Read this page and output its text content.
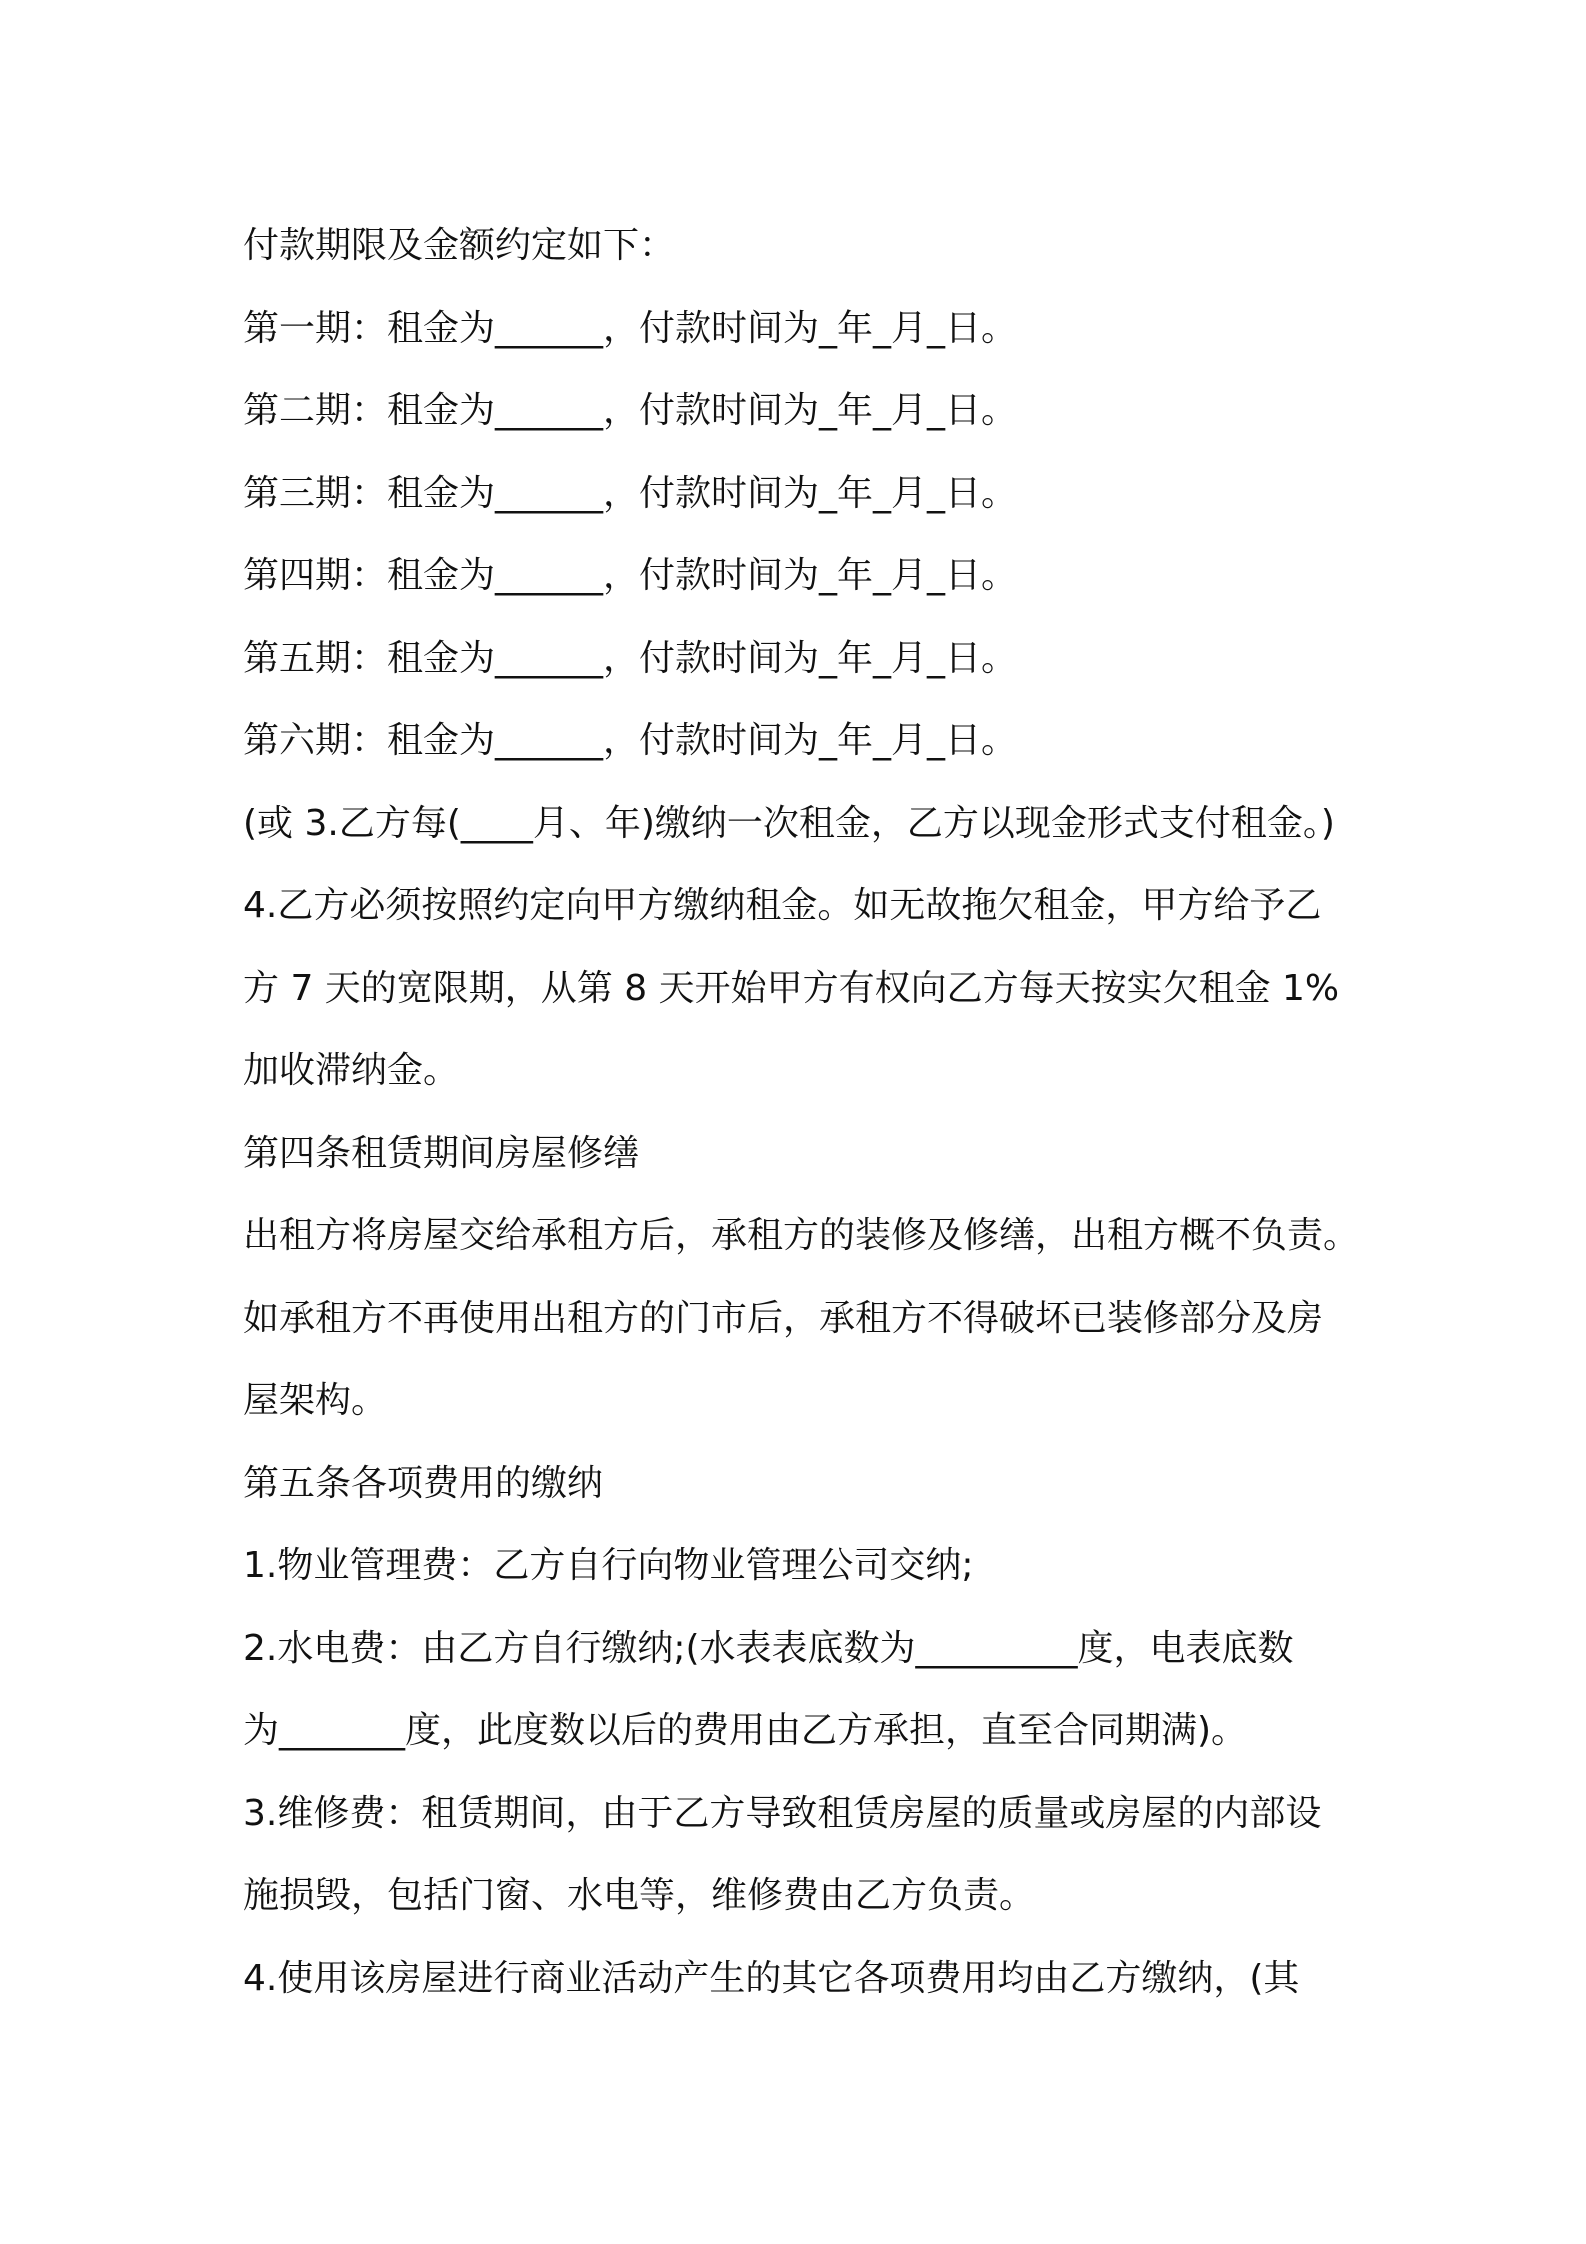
付款期限及金额约定如下：
第一期：租金为______，付款时间为_年_月_日。
第二期：租金为______，付款时间为_年_月_日。
第三期：租金为______，付款时间为_年_月_日。
第四期：租金为______，付款时间为_年_月_日。
第五期：租金为______，付款时间为_年_月_日。
第六期：租金为______，付款时间为_年_月_日。
(或 3.乙方每(____月、年)缴纳一次租金，乙方以现金形式支付租金。)
4.乙方必须按照约定向甲方缴纳租金。如无故拖欠租金，甲方给予乙
方 7 天的宽限期，从第 8 天开始甲方有权向乙方每天按实欠租金 1%
加收滞纳金。
第四条租赁期间房屋修缮
出租方将房屋交给承租方后，承租方的装修及修缮，出租方概不负责。
如承租方不再使用出租方的门市后，承租方不得破坏已装修部分及房
屋架构。
第五条各项费用的缴纳
1.物业管理费：乙方自行向物业管理公司交纳;
2.水电费：由乙方自行缴纳;(水表表底数为_________度，电表底数
为_______度，此度数以后的费用由乙方承担，直至合同期满)。
3.维修费：租赁期间，由于乙方导致租赁房屋的质量或房屋的内部设
施损毁，包括门窗、水电等，维修费由乙方负责。
4.使用该房屋进行商业活动产生的其它各项费用均由乙方缴纳，(其
